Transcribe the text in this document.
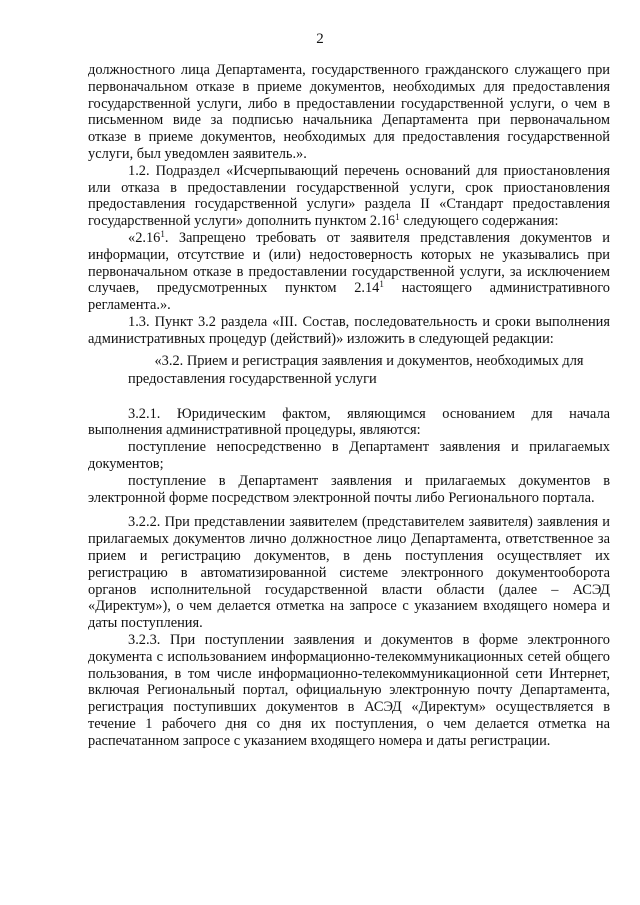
2

должностного лица Департамента, государственного гражданского служащего при первоначальном отказе в приеме документов, необходимых для предоставления государственной услуги, либо в предоставлении государственной услуги, о чем в письменном виде за подписью начальника Департамента при первоначальном отказе в приеме документов, необходимых для предоставления государственной услуги, был уведомлен заявитель.».

1.2. Подраздел «Исчерпывающий перечень оснований для приостановления или отказа в предоставлении государственной услуги, срок приостановления предоставления государственной услуги» раздела II «Стандарт предоставления государственной услуги» дополнить пунктом 2.16$^1$ следующего содержания:

«2.16$^1$. Запрещено требовать от заявителя представления документов и информации, отсутствие и (или) недостоверность которых не указывались при первоначальном отказе в предоставлении государственной услуги, за исключением случаев, предусмотренных пунктом 2.14$^1$ настоящего административного регламента.».

1.3. Пункт 3.2 раздела «III. Состав, последовательность и сроки выполнения административных процедур (действий)» изложить в следующей редакции:

«3.2. Прием и регистрация заявления и документов, необходимых для предоставления государственной услуги

3.2.1. Юридическим фактом, являющимся основанием для начала выполнения административной процедуры, являются:

поступление непосредственно в Департамент заявления и прилагаемых документов;

поступление в Департамент заявления и прилагаемых документов в электронной форме посредством электронной почты либо Регионального портала.

3.2.2. При представлении заявителем (представителем заявителя) заявления и прилагаемых документов лично должностное лицо Департамента, ответственное за прием и регистрацию документов, в день поступления осуществляет их регистрацию в автоматизированной системе электронного документооборота органов исполнительной государственной власти области (далее – АСЭД «Директум»), о чем делается отметка на запросе с указанием входящего номера и даты поступления.

3.2.3. При поступлении заявления и документов в форме электронного документа с использованием информационно-телекоммуникационных сетей общего пользования, в том числе информационно-телекоммуникационной сети Интернет, включая Региональный портал, официальную электронную почту Департамента, регистрация поступивших документов в АСЭД «Директум» осуществляется в течение 1 рабочего дня со дня их поступления, о чем делается отметка на распечатанном запросе с указанием входящего номера и даты регистрации.
